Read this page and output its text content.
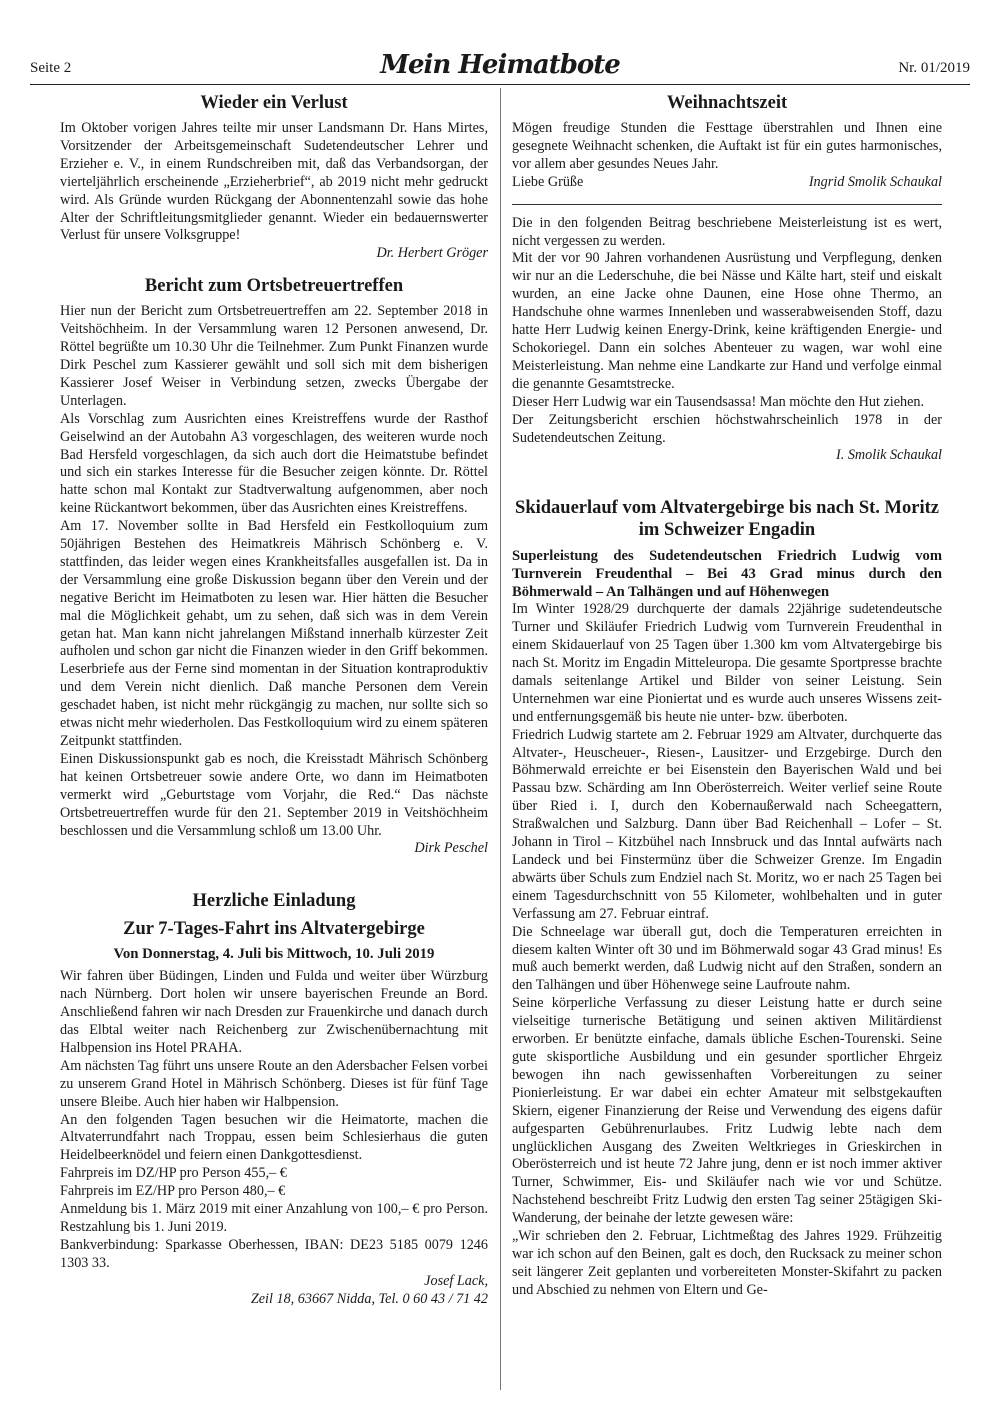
Seite 2	Mein Heimatbote	Nr. 01/2019
Wieder ein Verlust

Im Oktober vorigen Jahres teilte mir unser Landsmann Dr. Hans Mirtes, Vorsitzender der Arbeitsgemeinschaft Sudetendeutscher Lehrer und Erzieher e. V., in einem Rundschreiben mit, daß das Verbandsorgan, der vierteljährlich erscheinende „Erzieherbrief“, ab 2019 nicht mehr gedruckt wird. Als Gründe wurden Rückgang der Abonnentenzahl sowie das hohe Alter der Schriftleitungsmitglieder genannt. Wieder ein bedauernswerter Verlust für unsere Volksgruppe!

Dr. Herbert Gröger

Bericht zum Ortsbetreuertreffen

Hier nun der Bericht zum Ortsbetreuertreffen am 22. September 2018 in Veitshöchheim. In der Versammlung waren 12 Personen anwesend, Dr. Röttel begrüßte um 10.30 Uhr die Teilnehmer. Zum Punkt Finanzen wurde Dirk Peschel zum Kassierer gewählt und soll sich mit dem bisherigen Kassierer Josef Weiser in Verbindung setzen, zwecks Übergabe der Unterlagen.

Als Vorschlag zum Ausrichten eines Kreistreffens wurde der Rasthof Geiselwind an der Autobahn A3 vorgeschlagen, des weiteren wurde noch Bad Hersfeld vorgeschlagen, da sich auch dort die Heimatstube befindet und sich ein starkes Interesse für die Besucher zeigen könnte. Dr. Röttel hatte schon mal Kontakt zur Stadtverwaltung aufgenommen, aber noch keine Rückantwort bekommen, über das Ausrichten eines Kreistreffens.

Am 17. November sollte in Bad Hersfeld ein Festkolloquium zum 50jährigen Bestehen des Heimatkreis Mährisch Schönberg e. V. stattfinden, das leider wegen eines Krankheitsfalles ausgefallen ist. Da in der Versammlung eine große Diskussion begann über den Verein und der negative Bericht im Heimatboten zu lesen war. Hier hätten die Besucher mal die Möglichkeit gehabt, um zu sehen, daß sich was in dem Verein getan hat. Man kann nicht jahrelangen Mißstand innerhalb kürzester Zeit aufholen und schon gar nicht die Finanzen wieder in den Griff bekommen. Leserbriefe aus der Ferne sind momentan in der Situation kontraproduktiv und dem Verein nicht dienlich. Daß manche Personen dem Verein geschadet haben, ist nicht mehr rückgängig zu machen, nur sollte sich so etwas nicht mehr wiederholen. Das Festkolloquium wird zu einem späteren Zeitpunkt stattfinden.

Einen Diskussionspunkt gab es noch, die Kreisstadt Mährisch Schönberg hat keinen Ortsbetreuer sowie andere Orte, wo dann im Heimatboten vermerkt wird „Geburtstage vom Vorjahr, die Red.“ Das nächste Ortsbetreuertreffen wurde für den 21. September 2019 in Veitshöchheim beschlossen und die Versammlung schloß um 13.00 Uhr.

Dirk Peschel

Herzliche Einladung
Zur 7-Tages-Fahrt ins Altvatergebirge
Von Donnerstag, 4. Juli bis Mittwoch, 10. Juli 2019

Wir fahren über Büdingen, Linden und Fulda und weiter über Würzburg nach Nürnberg. Dort holen wir unsere bayerischen Freunde an Bord. Anschließend fahren wir nach Dresden zur Frauenkirche und danach durch das Elbtal weiter nach Reichenberg zur Zwischenübernachtung mit Halbpension ins Hotel PRAHA.

Am nächsten Tag führt uns unsere Route an den Adersbacher Felsen vorbei zu unserem Grand Hotel in Mährisch Schönberg. Dieses ist für fünf Tage unsere Bleibe. Auch hier haben wir Halbpension.

An den folgenden Tagen besuchen wir die Heimatorte, machen die Altvaterrundfahrt nach Troppau, essen beim Schlesierhaus die guten Heidelbeerknödel und feiern einen Dankgottesdienst.

Fahrpreis im DZ/HP pro Person 455,– €

Fahrpreis im EZ/HP pro Person 480,– €

Anmeldung bis 1. März 2019 mit einer Anzahlung von 100,– € pro Person. Restzahlung bis 1. Juni 2019.

Bankverbindung: Sparkasse Oberhessen, IBAN: DE23 5185 0079 1246 1303 33.

Josef Lack,

Zeil 18, 63667 Nidda, Tel. 0 60 43 / 71 42

Weihnachtszeit

Mögen freudige Stunden die Festtage überstrahlen und Ihnen eine gesegnete Weihnacht schenken, die Auftakt ist für ein gutes harmonisches, vor allem aber gesundes Neues Jahr.

Liebe Grüße	Ingrid Smolik Schaukal

Die in den folgenden Beitrag beschriebene Meisterleistung ist es wert, nicht vergessen zu werden.

Mit der vor 90 Jahren vorhandenen Ausrüstung und Verpflegung, denken wir nur an die Lederschuhe, die bei Nässe und Kälte hart, steif und eiskalt wurden, an eine Jacke ohne Daunen, eine Hose ohne Thermo, an Handschuhe ohne warmes Innenleben und wasserabweisenden Stoff, dazu hatte Herr Ludwig keinen Energy-Drink, keine kräftigenden Energie- und Schokoriegel. Dann ein solches Abenteuer zu wagen, war wohl eine Meisterleistung. Man nehme eine Landkarte zur Hand und verfolge einmal die genannte Gesamtstrecke.

Dieser Herr Ludwig war ein Tausendsassa! Man möchte den Hut ziehen.

Der Zeitungsbericht erschien höchstwahrscheinlich 1978 in der Sudetendeutschen Zeitung.

I. Smolik Schaukal

Skidauerlauf vom Altvatergebirge bis nach St. Moritz im Schweizer Engadin

Superleistung des Sudetendeutschen Friedrich Ludwig vom Turnverein Freudenthal – Bei 43 Grad minus durch den Böhmerwald – An Talhängen und auf Höhenwegen

Im Winter 1928/29 durchquerte der damals 22jährige sudetendeutsche Turner und Skiläufer Friedrich Ludwig vom Turnverein Freudenthal in einem Skidauerlauf von 25 Tagen über 1.300 km vom Altvatergebirge bis nach St. Moritz im Engadin Mitteleuropa. Die gesamte Sportpresse brachte damals seitenlange Artikel und Bilder von seiner Leistung. Sein Unternehmen war eine Pioniertat und es wurde auch unseres Wissens zeit- und entfernungsgemäß bis heute nie unter- bzw. überboten.

Friedrich Ludwig startete am 2. Februar 1929 am Altvater, durchquerte das Altvater-, Heuscheuer-, Riesen-, Lausitzer- und Erzgebirge. Durch den Böhmerwald erreichte er bei Eisenstein den Bayerischen Wald und bei Passau bzw. Schärding am Inn Oberösterreich. Weiter verlief seine Route über Ried i. I, durch den Kobernaußerwald nach Scheegattern, Straßwalchen und Salzburg. Dann über Bad Reichenhall – Lofer – St. Johann in Tirol – Kitzbühel nach Innsbruck und das Inntal aufwärts nach Landeck und bei Finstermünz über die Schweizer Grenze. Im Engadin abwärts über Schuls zum Endziel nach St. Moritz, wo er nach 25 Tagen bei einem Tagesdurchschnitt von 55 Kilometer, wohlbehalten und in guter Verfassung am 27. Februar eintraf.

Die Schneelage war überall gut, doch die Temperaturen erreichten in diesem kalten Winter oft 30 und im Böhmerwald sogar 43 Grad minus! Es muß auch bemerkt werden, daß Ludwig nicht auf den Straßen, sondern an den Talhängen und über Höhenwege seine Laufroute nahm.

Seine körperliche Verfassung zu dieser Leistung hatte er durch seine vielseitige turnerische Betätigung und seinen aktiven Militärdienst erworben. Er benützte einfache, damals übliche Eschen-Tourenski. Seine gute skisportliche Ausbildung und ein gesunder sportlicher Ehrgeiz bewogen ihn nach gewissenhaften Vorbereitungen zu seiner Pionierleistung. Er war dabei ein echter Amateur mit selbstgekauften Skiern, eigener Finanzierung der Reise und Verwendung des eigens dafür aufgesparten Gebührenurlaubes. Fritz Ludwig lebte nach dem unglücklichen Ausgang des Zweiten Weltkrieges in Grieskirchen in Oberösterreich und ist heute 72 Jahre jung, denn er ist noch immer aktiver Turner, Schwimmer, Eis- und Skiläufer nach wie vor und Schütze. Nachstehend beschreibt Fritz Ludwig den ersten Tag seiner 25tägigen Ski-Wanderung, der beinahe der letzte gewesen wäre:

„Wir schrieben den 2. Februar, Lichtmeßtag des Jahres 1929. Frühzeitig war ich schon auf den Beinen, galt es doch, den Rucksack zu meiner schon seit längerer Zeit geplanten und vorbereiteten Monster-Skifahrt zu packen und Abschied zu nehmen von Eltern und Ge-
